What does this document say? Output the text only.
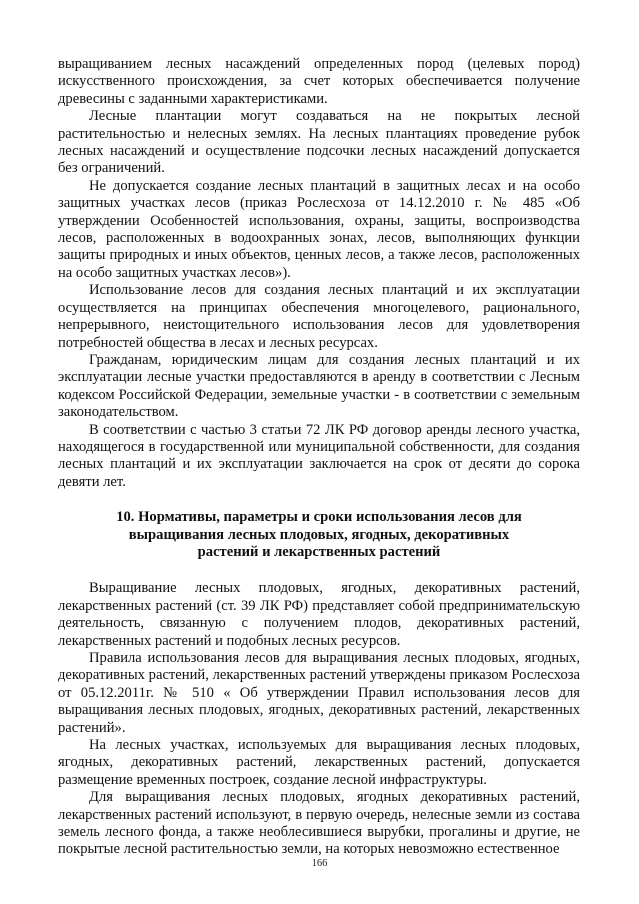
выращиванием лесных насаждений определенных пород (целевых пород) искусственного происхождения, за счет которых обеспечивается получение древесины с заданными характеристиками.

Лесные плантации могут создаваться на не покрытых лесной растительностью и нелесных землях. На лесных плантациях проведение рубок лесных насаждений и осуществление подсочки лесных насаждений допускается без ограничений.

Не допускается создание лесных плантаций в защитных лесах и на особо защитных участках лесов (приказ Рослесхоза от 14.12.2010 г. № 485 «Об утверждении Особенностей использования, охраны, защиты, воспроизводства лесов, расположенных в водоохранных зонах, лесов, выполняющих функции защиты природных и иных объектов, ценных лесов, а также лесов, расположенных на особо защитных участках лесов»).

Использование лесов для создания лесных плантаций и их эксплуатации осуществляется на принципах обеспечения многоцелевого, рационального, непрерывного, неистощительного использования лесов для удовлетворения потребностей общества в лесах и лесных ресурсах.

Гражданам, юридическим лицам для создания лесных плантаций и их эксплуатации лесные участки предоставляются в аренду в соответствии с Лесным кодексом Российской Федерации, земельные участки - в соответствии с земельным законодательством.

В соответствии с частью 3 статьи 72 ЛК РФ договор аренды лесного участка, находящегося в государственной или муниципальной собственности, для создания лесных плантаций и их эксплуатации заключается на срок от десяти до сорока девяти лет.

10. Нормативы, параметры и сроки использования лесов для
выращивания лесных плодовых, ягодных, декоративных
растений и лекарственных растений

Выращивание лесных плодовых, ягодных, декоративных растений, лекарственных растений (ст. 39 ЛК РФ) представляет собой предпринимательскую деятельность, связанную с получением плодов, декоративных растений, лекарственных растений и подобных лесных ресурсов.

Правила использования лесов для выращивания лесных плодовых, ягодных, декоративных растений, лекарственных растений утверждены приказом Рослесхоза от 05.12.2011г. № 510 « Об утверждении Правил использования лесов для выращивания лесных плодовых, ягодных, декоративных растений, лекарственных растений».

На лесных участках, используемых для выращивания лесных плодовых, ягодных, декоративных растений, лекарственных растений, допускается размещение временных построек, создание лесной инфраструктуры.

Для выращивания лесных плодовых, ягодных декоративных растений, лекарственных растений используют, в первую очередь, нелесные земли из состава земель лесного фонда, а также необлесившиеся вырубки, прогалины и другие, не покрытые лесной растительностью земли, на которых невозможно естественное

166
